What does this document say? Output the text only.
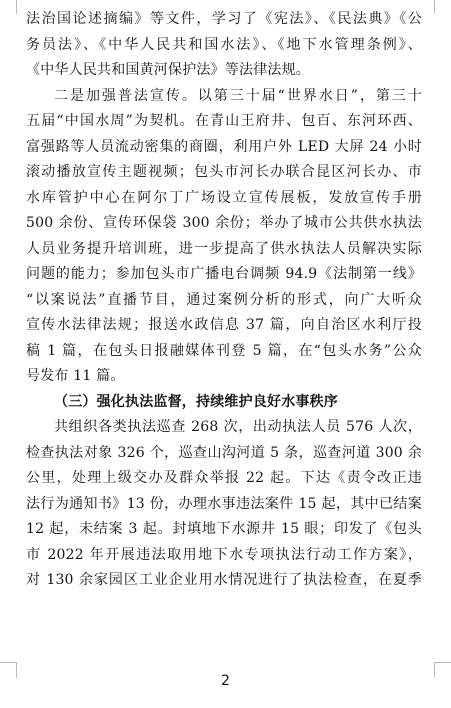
法治国论述摘编》等文件，学习了《宪法》、《民法典》《公
务员法》、《中华人民共和国水法》、《地下水管理条例》、
《中华人民共和国黄河保护法》等法律法规。
二是加强普法宣传。以第三十届“世界水日”，第三十
五届“中国水周”为契机。在青山王府井、包百、东河环西、
富强路等人员流动密集的商圈，利用户外 LED 大屏 24 小时
滚动播放宣传主题视频；包头市河长办联合昆区河长办、市
水库管护中心在阿尔丁广场设立宣传展板，发放宣传手册
500 余份、宣传环保袋 300 余份；举办了城市公共供水执法
人员业务提升培训班，进一步提高了供水执法人员解决实际
问题的能力；参加包头市广播电台调频 94.9《法制第一线》
“以案说法”直播节目，通过案例分析的形式，向广大听众
宣传水法律法规；报送水政信息 37 篇，向自治区水利厅投
稿 1 篇，在包头日报融媒体刊登 5 篇，在“包头水务”公众
号发布 11 篇。
（三）强化执法监督，持续维护良好水事秩序
共组织各类执法巡查 268 次，出动执法人员 576 人次，
检查执法对象 326 个，巡查山沟河道 5 条，巡查河道 300 余
公里，处理上级交办及群众举报 22 起。下达《责令改正违
法行为通知书》13 份，办理水事违法案件 15 起，其中已结案
12 起，未结案 3 起。封填地下水源井 15 眼；印发了《包头
市 2022 年开展违法取用地下水专项执法行动工作方案》，
对 130 余家园区工业企业用水情况进行了执法检查，在夏季
2
